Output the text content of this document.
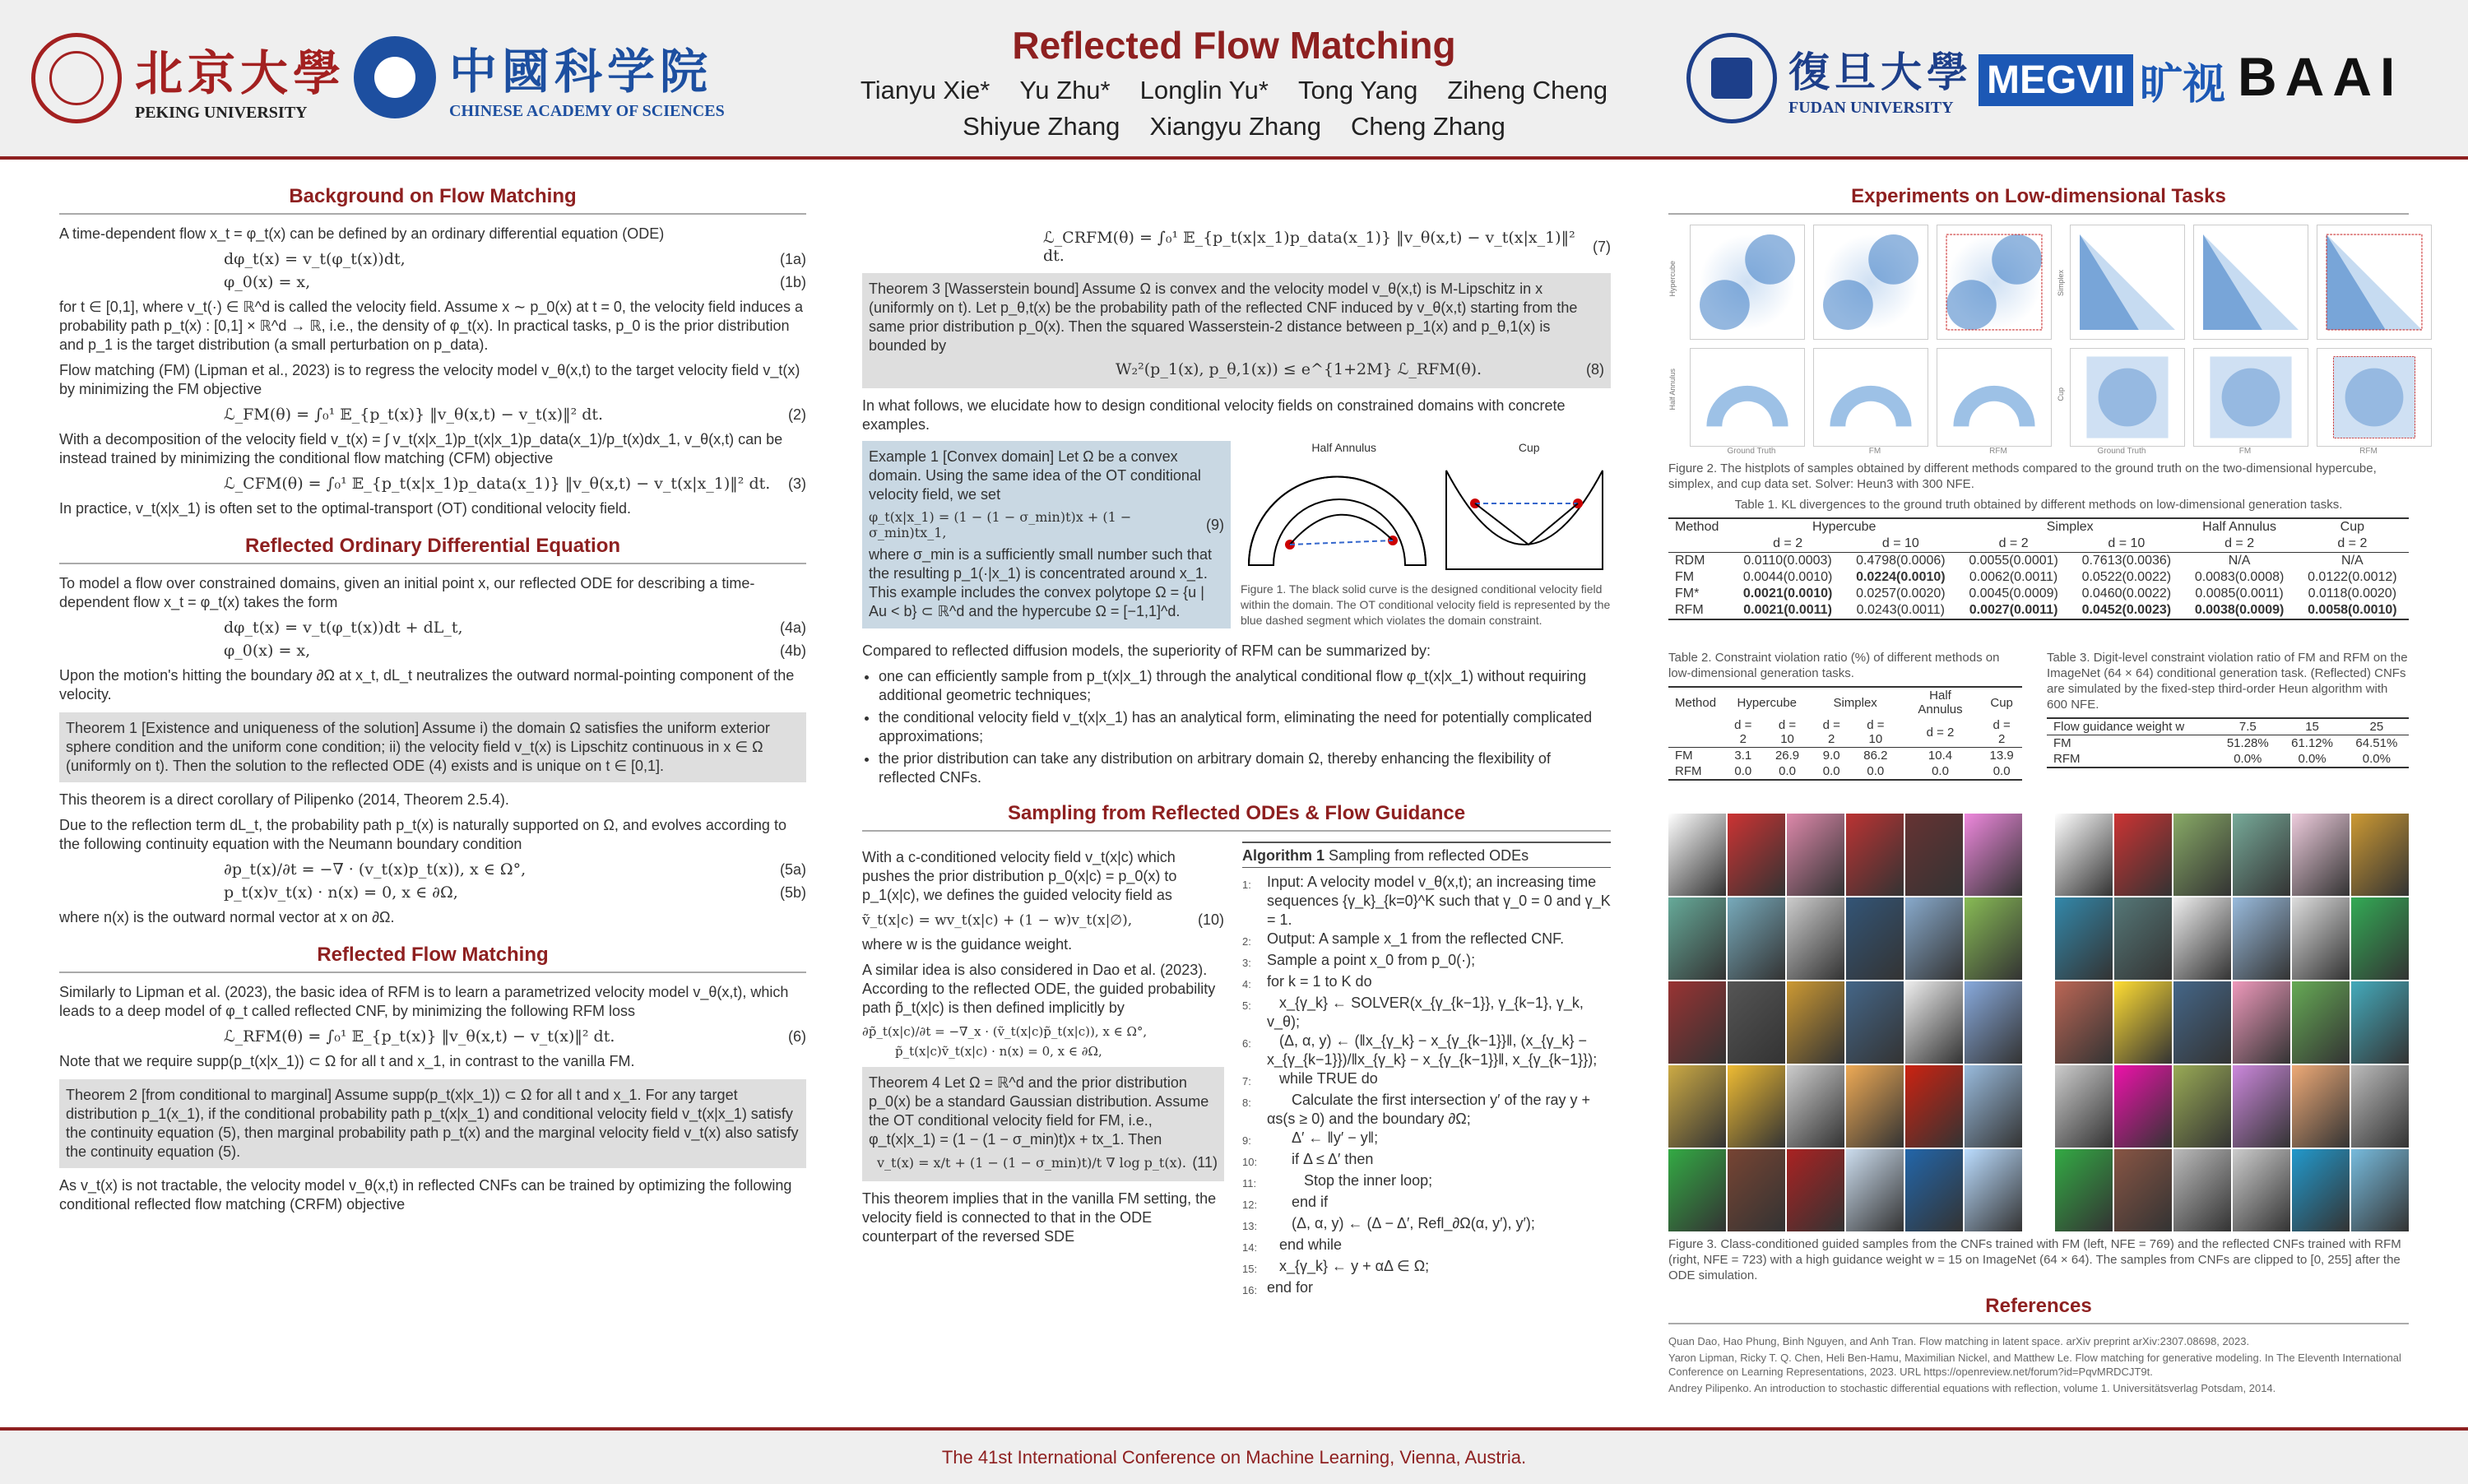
北京大學
PEKING UNIVERSITY
中國科学院
CHINESE ACADEMY OF SCIENCES
Reflected Flow Matching
Tianyu Xie* Yu Zhu* Longlin Yu* Tong Yang Ziheng Cheng
Shiyue Zhang Xiangyu Zhang Cheng Zhang
復旦大學
FUDAN UNIVERSITY
MEGVII 旷视 BAAI
Background on Flow Matching

A time-dependent flow x_t = φ_t(x) can be defined by an ordinary differential equation (ODE)

dφ_t(x) = v_t(φ_t(x))dt,	(1a)
φ_0(x) = x,	(1b)

for t ∈ [0,1], where v_t(·) ∈ ℝ^d is called the velocity field. Assume x ∼ p_0(x) at t = 0, the velocity field induces a probability path p_t(x) : [0,1] × ℝ^d → ℝ, i.e., the density of φ_t(x). In practical tasks, p_0 is the prior distribution and p_1 is the target distribution (a small perturbation on p_data).

Flow matching (FM) (Lipman et al., 2023) is to regress the velocity model v_θ(x,t) to the target velocity field v_t(x) by minimizing the FM objective

ℒ_FM(θ) = ∫₀¹ 𝔼_{p_t(x)} ‖v_θ(x,t) − v_t(x)‖² dt.	(2)

With a decomposition of the velocity field v_t(x) = ∫ v_t(x|x_1)p_t(x|x_1)p_data(x_1)/p_t(x)dx_1, v_θ(x,t) can be instead trained by minimizing the conditional flow matching (CFM) objective

ℒ_CFM(θ) = ∫₀¹ 𝔼_{p_t(x|x_1)p_data(x_1)} ‖v_θ(x,t) − v_t(x|x_1)‖² dt. (3)

In practice, v_t(x|x_1) is often set to the optimal-transport (OT) conditional velocity field.

Reflected Ordinary Differential Equation

To model a flow over constrained domains, given an initial point x, our reflected ODE for describing a time-dependent flow x_t = φ_t(x) takes the form

dφ_t(x) = v_t(φ_t(x))dt + dL_t,	(4a)
φ_0(x) = x,	(4b)

Upon the motion's hitting the boundary ∂Ω at x_t, dL_t neutralizes the outward normal-pointing component of the velocity.

Theorem 1 [Existence and uniqueness of the solution] Assume i) the domain Ω satisfies the uniform exterior sphere condition and the uniform cone condition; ii) the velocity field v_t(x) is Lipschitz continuous in x ∈ Ω (uniformly on t). Then the solution to the reflected ODE (4) exists and is unique on t ∈ [0,1].

This theorem is a direct corollary of Pilipenko (2014, Theorem 2.5.4).

Due to the reflection term dL_t, the probability path p_t(x) is naturally supported on Ω, and evolves according to the following continuity equation with the Neumann boundary condition

∂p_t(x)/∂t = −∇ · (v_t(x)p_t(x)), x ∈ Ω°,	(5a)
p_t(x)v_t(x) · n(x) = 0, x ∈ ∂Ω,	(5b)

where n(x) is the outward normal vector at x on ∂Ω.

Reflected Flow Matching

Similarly to Lipman et al. (2023), the basic idea of RFM is to learn a parametrized velocity model v_θ(x,t), which leads to a deep model of φ_t called reflected CNF, by minimizing the following RFM loss

ℒ_RFM(θ) = ∫₀¹ 𝔼_{p_t(x)} ‖v_θ(x,t) − v_t(x)‖² dt.	(6)

Note that we require supp(p_t(x|x_1)) ⊂ Ω for all t and x_1, in contrast to the vanilla FM.

Theorem 2 [from conditional to marginal] Assume supp(p_t(x|x_1)) ⊂ Ω for all t and x_1. For any target distribution p_1(x_1), if the conditional probability path p_t(x|x_1) and conditional velocity field v_t(x|x_1) satisfy the continuity equation (5), then marginal probability path p_t(x) and the marginal velocity field v_t(x) also satisfy the continuity equation (5).

As v_t(x) is not tractable, the velocity model v_θ(x,t) in reflected CNFs can be trained by optimizing the following conditional reflected flow matching (CRFM) objective

ℒ_CRFM(θ) = ∫₀¹ 𝔼_{p_t(x|x_1)p_data(x_1)} ‖v_θ(x,t) − v_t(x|x_1)‖² dt.
(7)

Theorem 3 [Wasserstein bound] Assume Ω is convex and the velocity model v_θ(x,t) is M-Lipschitz in x (uniformly on t). Let p_θ,t(x) be the probability path of the reflected CNF induced by v_θ(x,t) starting from the same prior distribution p_0(x). Then the squared Wasserstein-2 distance between p_1(x) and p_θ,1(x) is bounded by

W₂²(p_1(x), p_θ,1(x)) ≤ e^{1+2M} ℒ_RFM(θ).	(8)

In what follows, we elucidate how to design conditional velocity fields on constrained domains with concrete examples.

Example 1 [Convex domain] Let Ω be a convex domain. Using the same idea of the OT conditional velocity field, we set

φ_t(x|x_1) = (1 − (1 − σ_min)t)x + (1 − σ_min)tx_1,	(9)

where σ_min is a sufficiently small number such that the resulting p_1(·|x_1) is concentrated around x_1. This example includes the convex polytope Ω = {u | Au < b} ⊂ ℝ^d and the hypercube Ω = [−1,1]^d.

Half Annulus	Cup

Figure 1. The black solid curve is the designed conditional velocity field within the domain. The OT conditional velocity field is represented by the blue dashed segment which violates the domain constraint.

Compared to reflected diffusion models, the superiority of RFM can be summarized by:

• one can efficiently sample from p_t(x|x_1) through the analytical conditional flow φ_t(x|x_1) without requiring additional geometric techniques;
• the conditional velocity field v_t(x|x_1) has an analytical form, eliminating the need for potentially complicated approximations;
• the prior distribution can take any distribution on arbitrary domain Ω, thereby enhancing the flexibility of reflected CNFs.
Sampling from Reflected ODEs & Flow Guidance

With a c-conditioned velocity field v_t(x|c) which pushes the prior distribution p_0(x|c) = p_0(x) to p_1(x|c), we defines the guided velocity field as

ṽ_t(x|c) = wv_t(x|c) + (1 − w)v_t(x|∅),	(10)

where w is the guidance weight.

A similar idea is also considered in Dao et al. (2023). According to the reflected ODE, the guided probability path p̃_t(x|c) is then defined implicitly by

∂p̃_t(x|c)/∂t = −∇_x · (ṽ_t(x|c)p̃_t(x|c)), x ∈ Ω°,
p̃_t(x|c)ṽ_t(x|c) · n(x) = 0, x ∈ ∂Ω,

Theorem 4 Let Ω = ℝ^d and the prior distribution p_0(x) be a standard Gaussian distribution. Assume the OT conditional velocity field for FM, i.e., φ_t(x|x_1) = (1 − (1 − σ_min)t)x + tx_1. Then

v_t(x) = x/t + (1 − (1 − σ_min)t)/t ∇ log p_t(x). (11)

This theorem implies that in the vanilla FM setting, the velocity field is connected to that in the ODE counterpart of the reversed SDE

Algorithm 1 Sampling from reflected ODEs
1:	Input: A velocity model v_θ(x,t); an increasing time sequences {γ_k}_{k=0}^K such that γ_0 = 0 and γ_K = 1.
2:	Output: A sample x_1 from the reflected CNF.
3:	Sample a point x_0 from p_0(·);
4:	for k = 1 to K do
5:	x_{γ_k} ← SOLVER(x_{γ_{k−1}}, γ_{k−1}, γ_k, v_θ);
6:	(Δ, α, y) ← (‖x_{γ_k} − x_{γ_{k−1}}‖, (x_{γ_k} − x_{γ_{k−1}})/‖x_{γ_k} − x_{γ_{k−1}}‖, x_{γ_{k−1}});
7:	while TRUE do
8:	Calculate the first intersection y′ of the ray y + αs(s ≥ 0) and the boundary ∂Ω;
9:	Δ′ ← ‖y′ − y‖;
10: if Δ ≤ Δ′ then
11: Stop the inner loop;
12: end if
13: (Δ, α, y) ← (Δ − Δ′, Refl_∂Ω(α, y′), y′);
14: end while
15: x_{γ_k} ← y + αΔ ∈ Ω;
16: end for
Experiments on Low-dimensional Tasks
Hypercube
Half Annulus
Simplex
Cup
Ground Truth	FM	RFM	Ground Truth	FM	RFM

Figure 2. The histplots of samples obtained by different methods compared to the ground truth on the two-dimensional hypercube, simplex, and cup data set. Solver: Heun3 with 300 NFE.

Table 1. KL divergences to the ground truth obtained by different methods on low-dimensional generation tasks.

Method	Hypercube		Simplex		Half Annulus	Cup
	d = 2	d = 10	d = 2	d = 10	d = 2	d = 2
RDM	0.0110(0.0003)	0.4798(0.0006)	0.0055(0.0001)	0.7613(0.0036)	N/A	N/A
FM	0.0044(0.0010)	0.0224(0.0010)	0.0062(0.0011)	0.0522(0.0022)	0.0083(0.0008)	0.0122(0.0012)
FM*	0.0021(0.0010)	0.0257(0.0020)	0.0045(0.0009)	0.0460(0.0022)	0.0085(0.0011)	0.0118(0.0020)
RFM	0.0021(0.0011)	0.0243(0.0011)	0.0027(0.0011)	0.0452(0.0023)	0.0038(0.0009)	0.0058(0.0010)

Table 2. Constraint violation ratio (%) of different methods on low-dimensional generation tasks.

Method	Hypercube		Simplex		Half Annulus	Cup
	d = 2	d = 10	d = 2	d = 10	d = 2	d = 2
FM	3.1	26.9	9.0	86.2	10.4	13.9
RFM	0.0	0.0	0.0	0.0	0.0	0.0

Table 3. Digit-level constraint violation ratio of FM and RFM on the ImageNet (64 × 64) conditional generation task. (Reflected) CNFs are simulated by the fixed-step third-order Heun algorithm with 600 NFE.

Flow guidance weight w	7.5	15	25
FM	51.28%	61.12%	64.51%
RFM	0.0%	0.0%	0.0%

Figure 3. Class-conditioned guided samples from the CNFs trained with FM (left, NFE = 769) and the reflected CNFs trained with RFM (right, NFE = 723) with a high guidance weight w = 15 on ImageNet (64 × 64). The samples from CNFs are clipped to [0, 255] after the ODE simulation.

References

Quan Dao, Hao Phung, Binh Nguyen, and Anh Tran. Flow matching in latent space. arXiv preprint arXiv:2307.08698, 2023.

Yaron Lipman, Ricky T. Q. Chen, Heli Ben-Hamu, Maximilian Nickel, and Matthew Le. Flow matching for generative modeling. In The Eleventh International Conference on Learning Representations, 2023. URL https://openreview.net/forum?id=PqvMRDCJT9t.

Andrey Pilipenko. An introduction to stochastic differential equations with reflection, volume 1. Universitätsverlag Potsdam, 2014.

The 41st International Conference on Machine Learning, Vienna, Austria.
